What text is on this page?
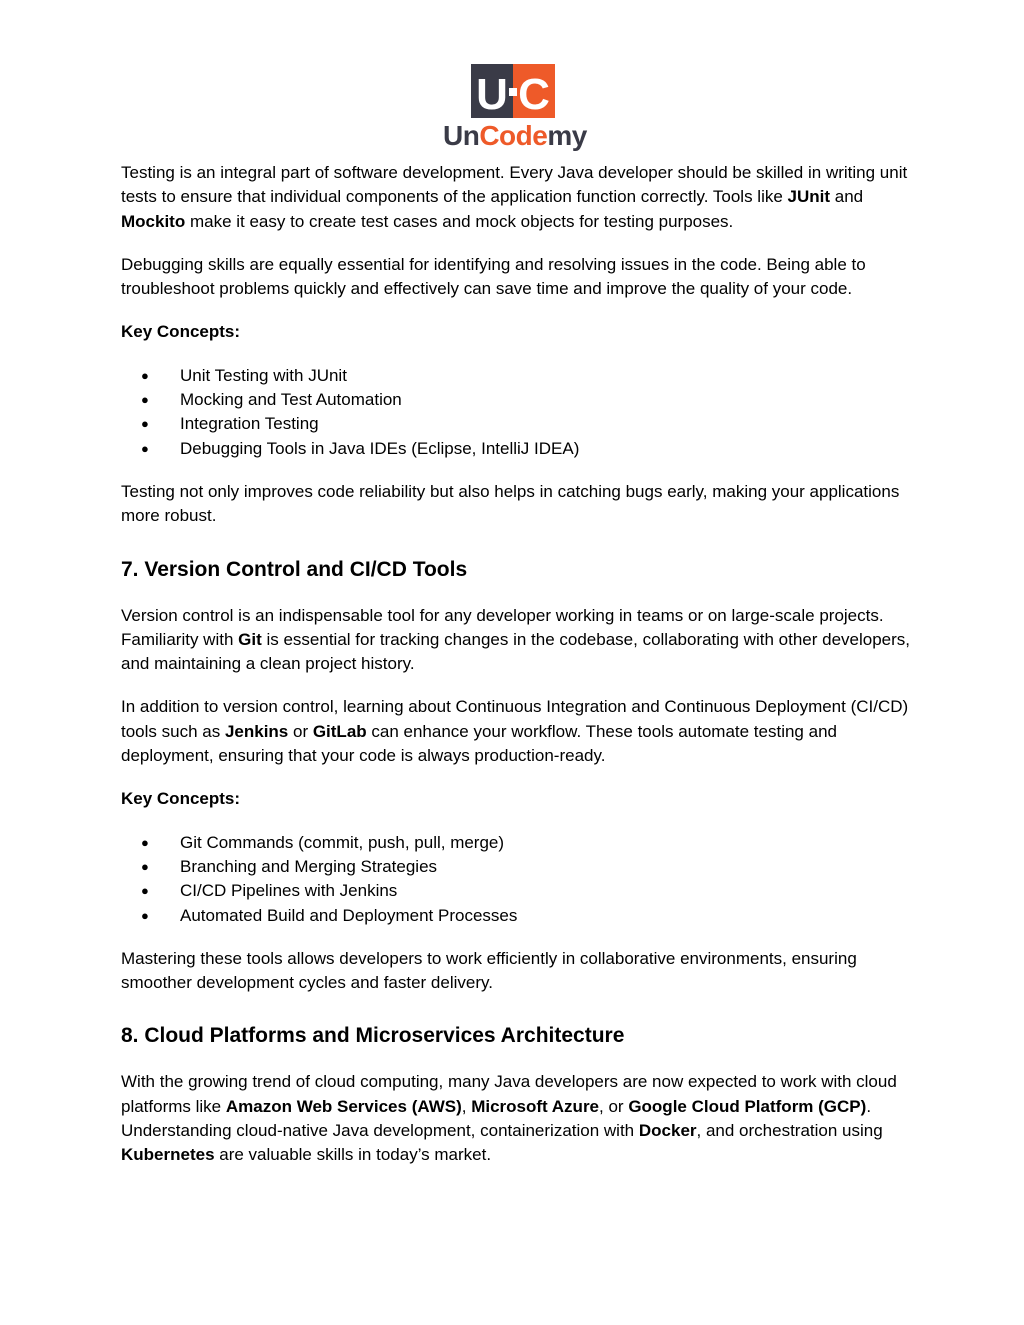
U C
UnCodemy

Testing is an integral part of software development. Every Java developer should be skilled in writing unit tests to ensure that individual components of the application function correctly. Tools like JUnit and Mockito make it easy to create test cases and mock objects for testing purposes.

Debugging skills are equally essential for identifying and resolving issues in the code. Being able to troubleshoot problems quickly and effectively can save time and improve the quality of your code.

Key Concepts:
● Unit Testing with JUnit
● Mocking and Test Automation
● Integration Testing
● Debugging Tools in Java IDEs (Eclipse, IntelliJ IDEA)

Testing not only improves code reliability but also helps in catching bugs early, making your applications more robust.

7. Version Control and CI/CD Tools

Version control is an indispensable tool for any developer working in teams or on large-scale projects. Familiarity with Git is essential for tracking changes in the codebase, collaborating with other developers, and maintaining a clean project history.

In addition to version control, learning about Continuous Integration and Continuous Deployment (CI/CD) tools such as Jenkins or GitLab can enhance your workflow. These tools automate testing and deployment, ensuring that your code is always production-ready.

Key Concepts:
● Git Commands (commit, push, pull, merge)
● Branching and Merging Strategies
● CI/CD Pipelines with Jenkins
● Automated Build and Deployment Processes

Mastering these tools allows developers to work efficiently in collaborative environments, ensuring smoother development cycles and faster delivery.

8. Cloud Platforms and Microservices Architecture

With the growing trend of cloud computing, many Java developers are now expected to work with cloud platforms like Amazon Web Services (AWS), Microsoft Azure, or Google Cloud Platform (GCP). Understanding cloud-native Java development, containerization with Docker, and orchestration using Kubernetes are valuable skills in today’s market.
